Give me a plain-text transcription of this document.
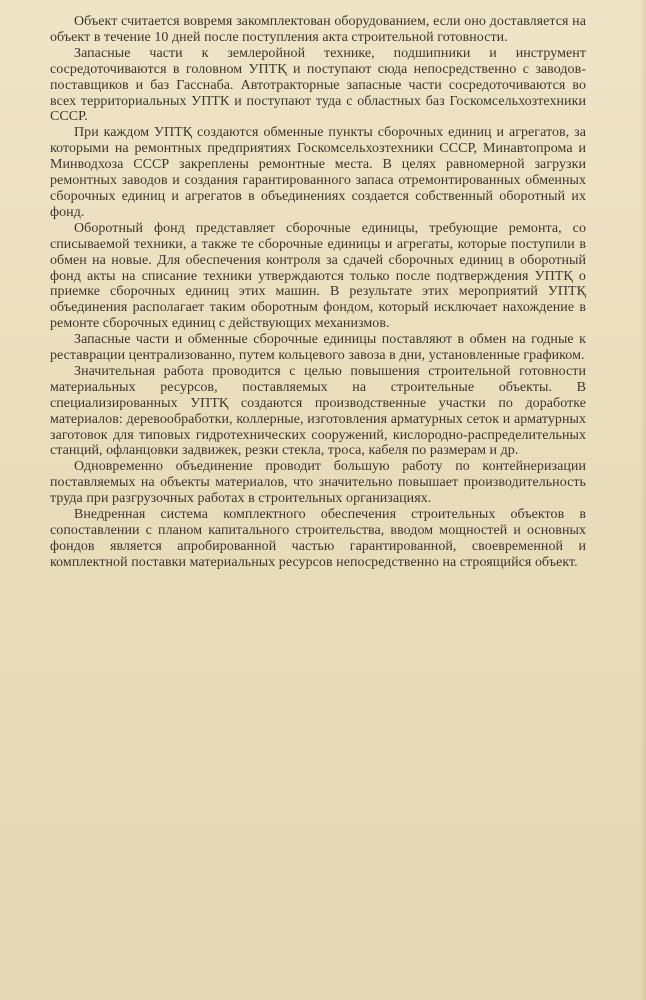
Объект считается вовремя закомплектован оборудованием, если оно доставляется на объект в течение 10 дней после поступления акта строительной готовности.

Запасные части к землеройной технике, подшипники и инструмент сосредоточиваются в головном УПТҚ и поступают сюда непосредственно с заводов-поставщиков и баз Гасснаба. Автотракторные запасные части сосредоточиваются во всех территориальных УПТК и поступают туда с областных баз Госкомсельхозтехники СССР.

При каждом УПТҚ создаются обменные пункты сборочных единиц и агрегатов, за которыми на ремонтных предприятиях Госкомсельхозтехники СССР, Минавтопрома и Минводхоза СССР закреплены ремонтные места. В целях равномерной загрузки ремонтных заводов и создания гарантированного запаса отремонтированных обменных сборочных единиц и агрегатов в объединениях создается собственный оборотный их фонд.

Оборотный фонд представляет сборочные единицы, требующие ремонта, со списываемой техники, а также те сборочные единицы и агрегаты, которые поступили в обмен на новые. Для обеспечения контроля за сдачей сборочных единиц в оборотный фонд акты на списание техники утверждаются только после подтверждения УПТҚ о приемке сборочных единиц этих машин. В результате этих мероприятий УПТҚ объединения располагает таким оборотным фондом, который исключает нахождение в ремонте сборочных единиц с действующих механизмов.

Запасные части и обменные сборочные единицы поставляют в обмен на годные к реставрации централизованно, путем кольцевого завоза в дни, установленные графиком.

Значительная работа проводится с целью повышения строительной готовности материальных ресурсов, поставляемых на строительные объекты. В специализированных УПТҚ создаются производственные участки по доработке материалов: деревообработки, коллерные, изготовления арматурных сеток и арматурных заготовок для типовых гидротехнических сооружений, кислородно-распределительных станций, офланцовки задвижек, резки стекла, троса, кабеля по размерам и др.

Одновременно объединение проводит большую работу по контейнеризации поставляемых на объекты материалов, что значительно повышает производительность труда при разгрузочных работах в строительных организациях.

Внедренная система комплектного обеспечения строительных объектов в сопоставлении с планом капитального строительства, вводом мощностей и основных фондов является апробированной частью гарантированной, своевременной и комплектной поставки материальных ресурсов непосредственно на строящийся объект.
